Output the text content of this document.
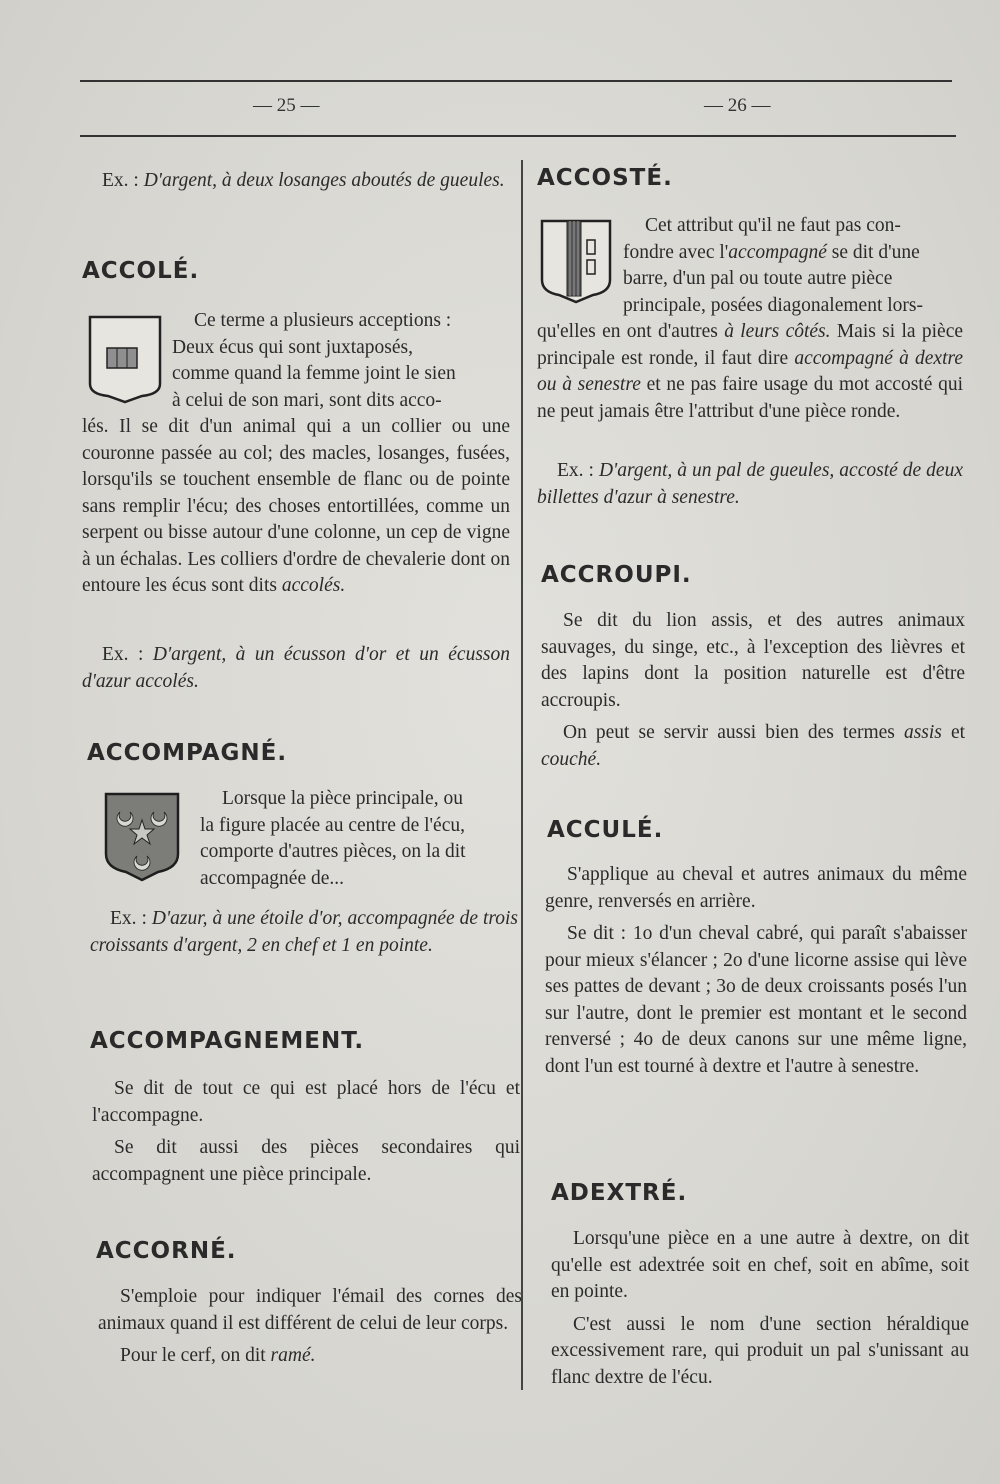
— 25 —	— 26 —

Ex. : D'argent, à deux losanges aboutés de gueules.

ACCOLÉ.

Ce terme a plusieurs acceptions :

Deux écus qui sont juxtaposés,

comme quand la femme joint le sien

à celui de son mari, sont dits acco-

lés. Il se dit d'un animal qui a un collier ou une couronne passée au col; des macles, losanges, fusées, lorsqu'ils se touchent ensemble de flanc ou de pointe sans remplir l'écu; des choses entortillées, comme un serpent ou bisse autour d'une colonne, un cep de vigne à un échalas. Les colliers d'ordre de chevalerie dont on entoure les écus sont dits accolés.

Ex. : D'argent, à un écusson d'or et un écusson d'azur accolés.

ACCOMPAGNÉ.

Lorsque la pièce principale, ou

la figure placée au centre de l'écu,

comporte d'autres pièces, on la dit

accompagnée de...

Ex. : D'azur, à une étoile d'or, accompagnée de trois croissants d'argent, 2 en chef et 1 en pointe.

ACCOMPAGNEMENT.

Se dit de tout ce qui est placé hors de l'écu et l'accompagne.

Se dit aussi des pièces secondaires qui accompagnent une pièce principale.

ACCORNÉ.

S'emploie pour indiquer l'émail des cornes des animaux quand il est différent de celui de leur corps.

Pour le cerf, on dit ramé.

ACCOSTÉ.

Cet attribut qu'il ne faut pas con-

fondre avec l'accompagné se dit d'une

barre, d'un pal ou toute autre pièce

principale, posées diagonalement lors-

qu'elles en ont d'autres à leurs côtés. Mais si la pièce principale est ronde, il faut dire accompagné à dextre ou à senestre et ne pas faire usage du mot accosté qui ne peut jamais être l'attribut d'une pièce ronde.

Ex. : D'argent, à un pal de gueules, accosté de deux billettes d'azur à senestre.

ACCROUPI.

Se dit du lion assis, et des autres animaux sauvages, du singe, etc., à l'exception des lièvres et des lapins dont la position naturelle est d'être accroupis.

On peut se servir aussi bien des termes assis et couché.

ACCULÉ.

S'applique au cheval et autres animaux du même genre, renversés en arrière.

Se dit : 1o d'un cheval cabré, qui paraît s'abaisser pour mieux s'élancer ; 2o d'une licorne assise qui lève ses pattes de devant ; 3o de deux croissants posés l'un sur l'autre, dont le premier est montant et le second renversé ; 4o de deux canons sur une même ligne, dont l'un est tourné à dextre et l'autre à senestre.

ADEXTRÉ.

Lorsqu'une pièce en a une autre à dextre, on dit qu'elle est adextrée soit en chef, soit en abîme, soit en pointe.

C'est aussi le nom d'une section héraldique excessivement rare, qui produit un pal s'unissant au flanc dextre de l'écu.
